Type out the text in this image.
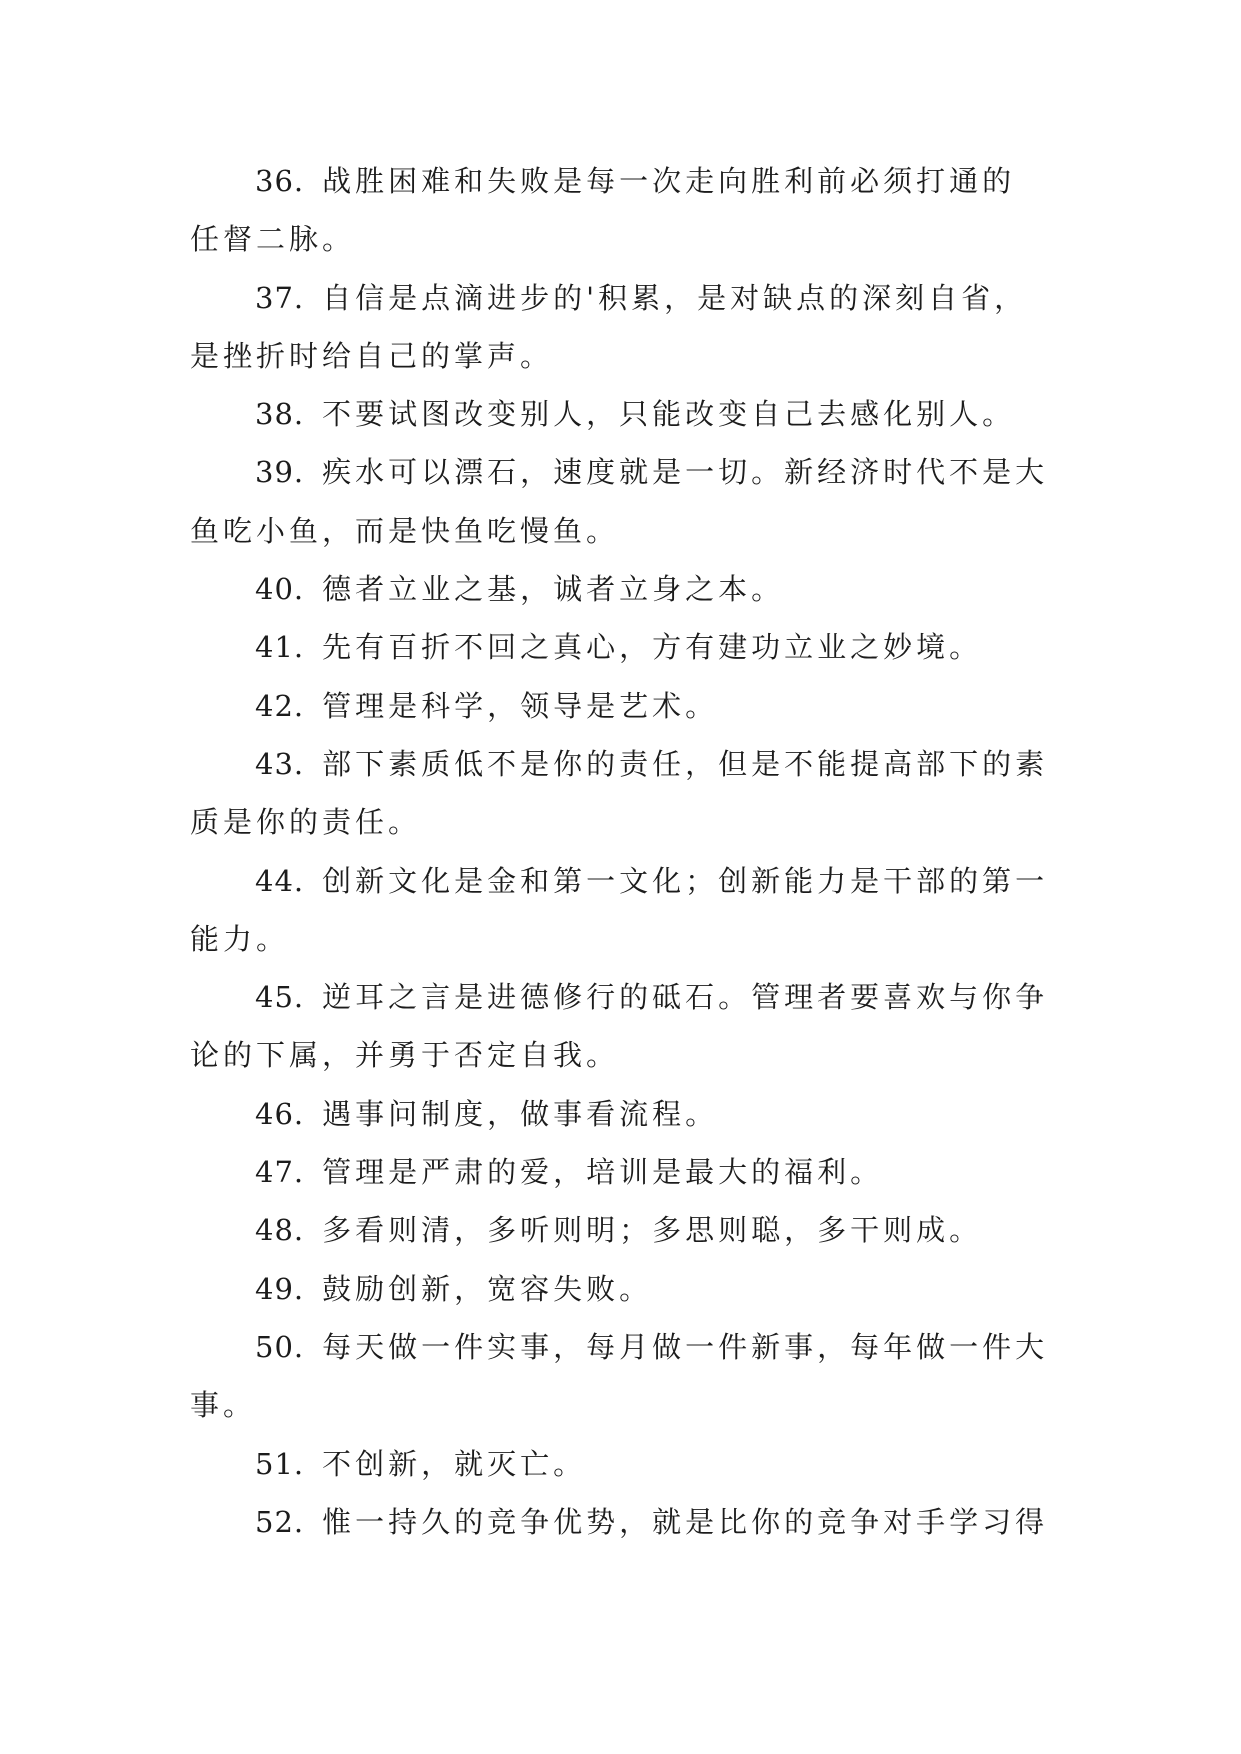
36. 战胜困难和失败是每一次走向胜利前必须打通的
任督二脉。
37. 自信是点滴进步的'积累，是对缺点的深刻自省，
是挫折时给自己的掌声。
38. 不要试图改变别人，只能改变自己去感化别人。
39. 疾水可以漂石，速度就是一切。新经济时代不是大
鱼吃小鱼，而是快鱼吃慢鱼。
40. 德者立业之基，诚者立身之本。
41. 先有百折不回之真心，方有建功立业之妙境。
42. 管理是科学，领导是艺术。
43. 部下素质低不是你的责任，但是不能提高部下的素
质是你的责任。
44. 创新文化是金和第一文化；创新能力是干部的第一
能力。
45. 逆耳之言是进德修行的砥石。管理者要喜欢与你争
论的下属，并勇于否定自我。
46. 遇事问制度，做事看流程。
47. 管理是严肃的爱，培训是最大的福利。
48. 多看则清，多听则明；多思则聪，多干则成。
49. 鼓励创新，宽容失败。
50. 每天做一件实事，每月做一件新事，每年做一件大
事。
51. 不创新，就灭亡。
52. 惟一持久的竞争优势，就是比你的竞争对手学习得
